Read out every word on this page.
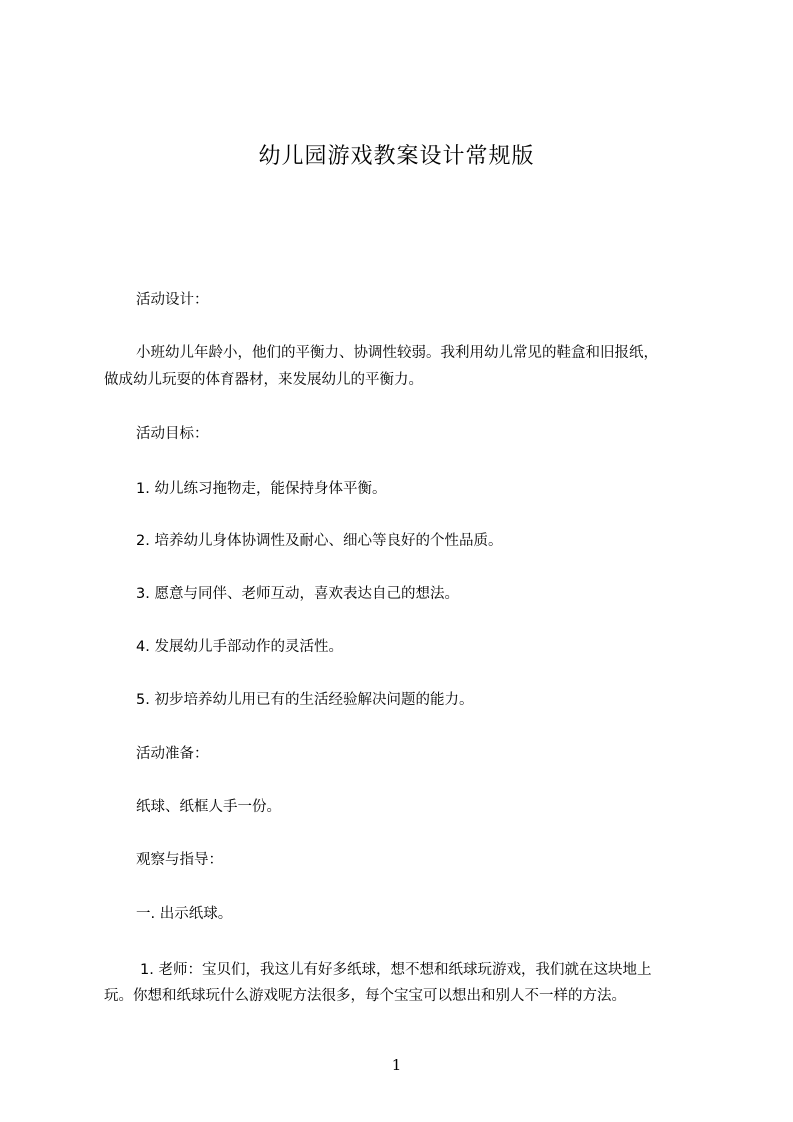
幼儿园游戏教案设计常规版
活动设计：
小班幼儿年龄小，他们的平衡力、协调性较弱。我利用幼儿常见的鞋盒和旧报纸，
做成幼儿玩耍的体育器材，来发展幼儿的平衡力。
活动目标：
1. 幼儿练习拖物走，能保持身体平衡。
2. 培养幼儿身体协调性及耐心、细心等良好的个性品质。
3. 愿意与同伴、老师互动，喜欢表达自己的想法。
4. 发展幼儿手部动作的灵活性。
5. 初步培养幼儿用已有的生活经验解决问题的能力。
活动准备：
纸球、纸框人手一份。
观察与指导：
一. 出示纸球。
1. 老师：宝贝们，我这儿有好多纸球，想不想和纸球玩游戏，我们就在这块地上
玩。你想和纸球玩什么游戏呢方法很多，每个宝宝可以想出和别人不一样的方法。
1
